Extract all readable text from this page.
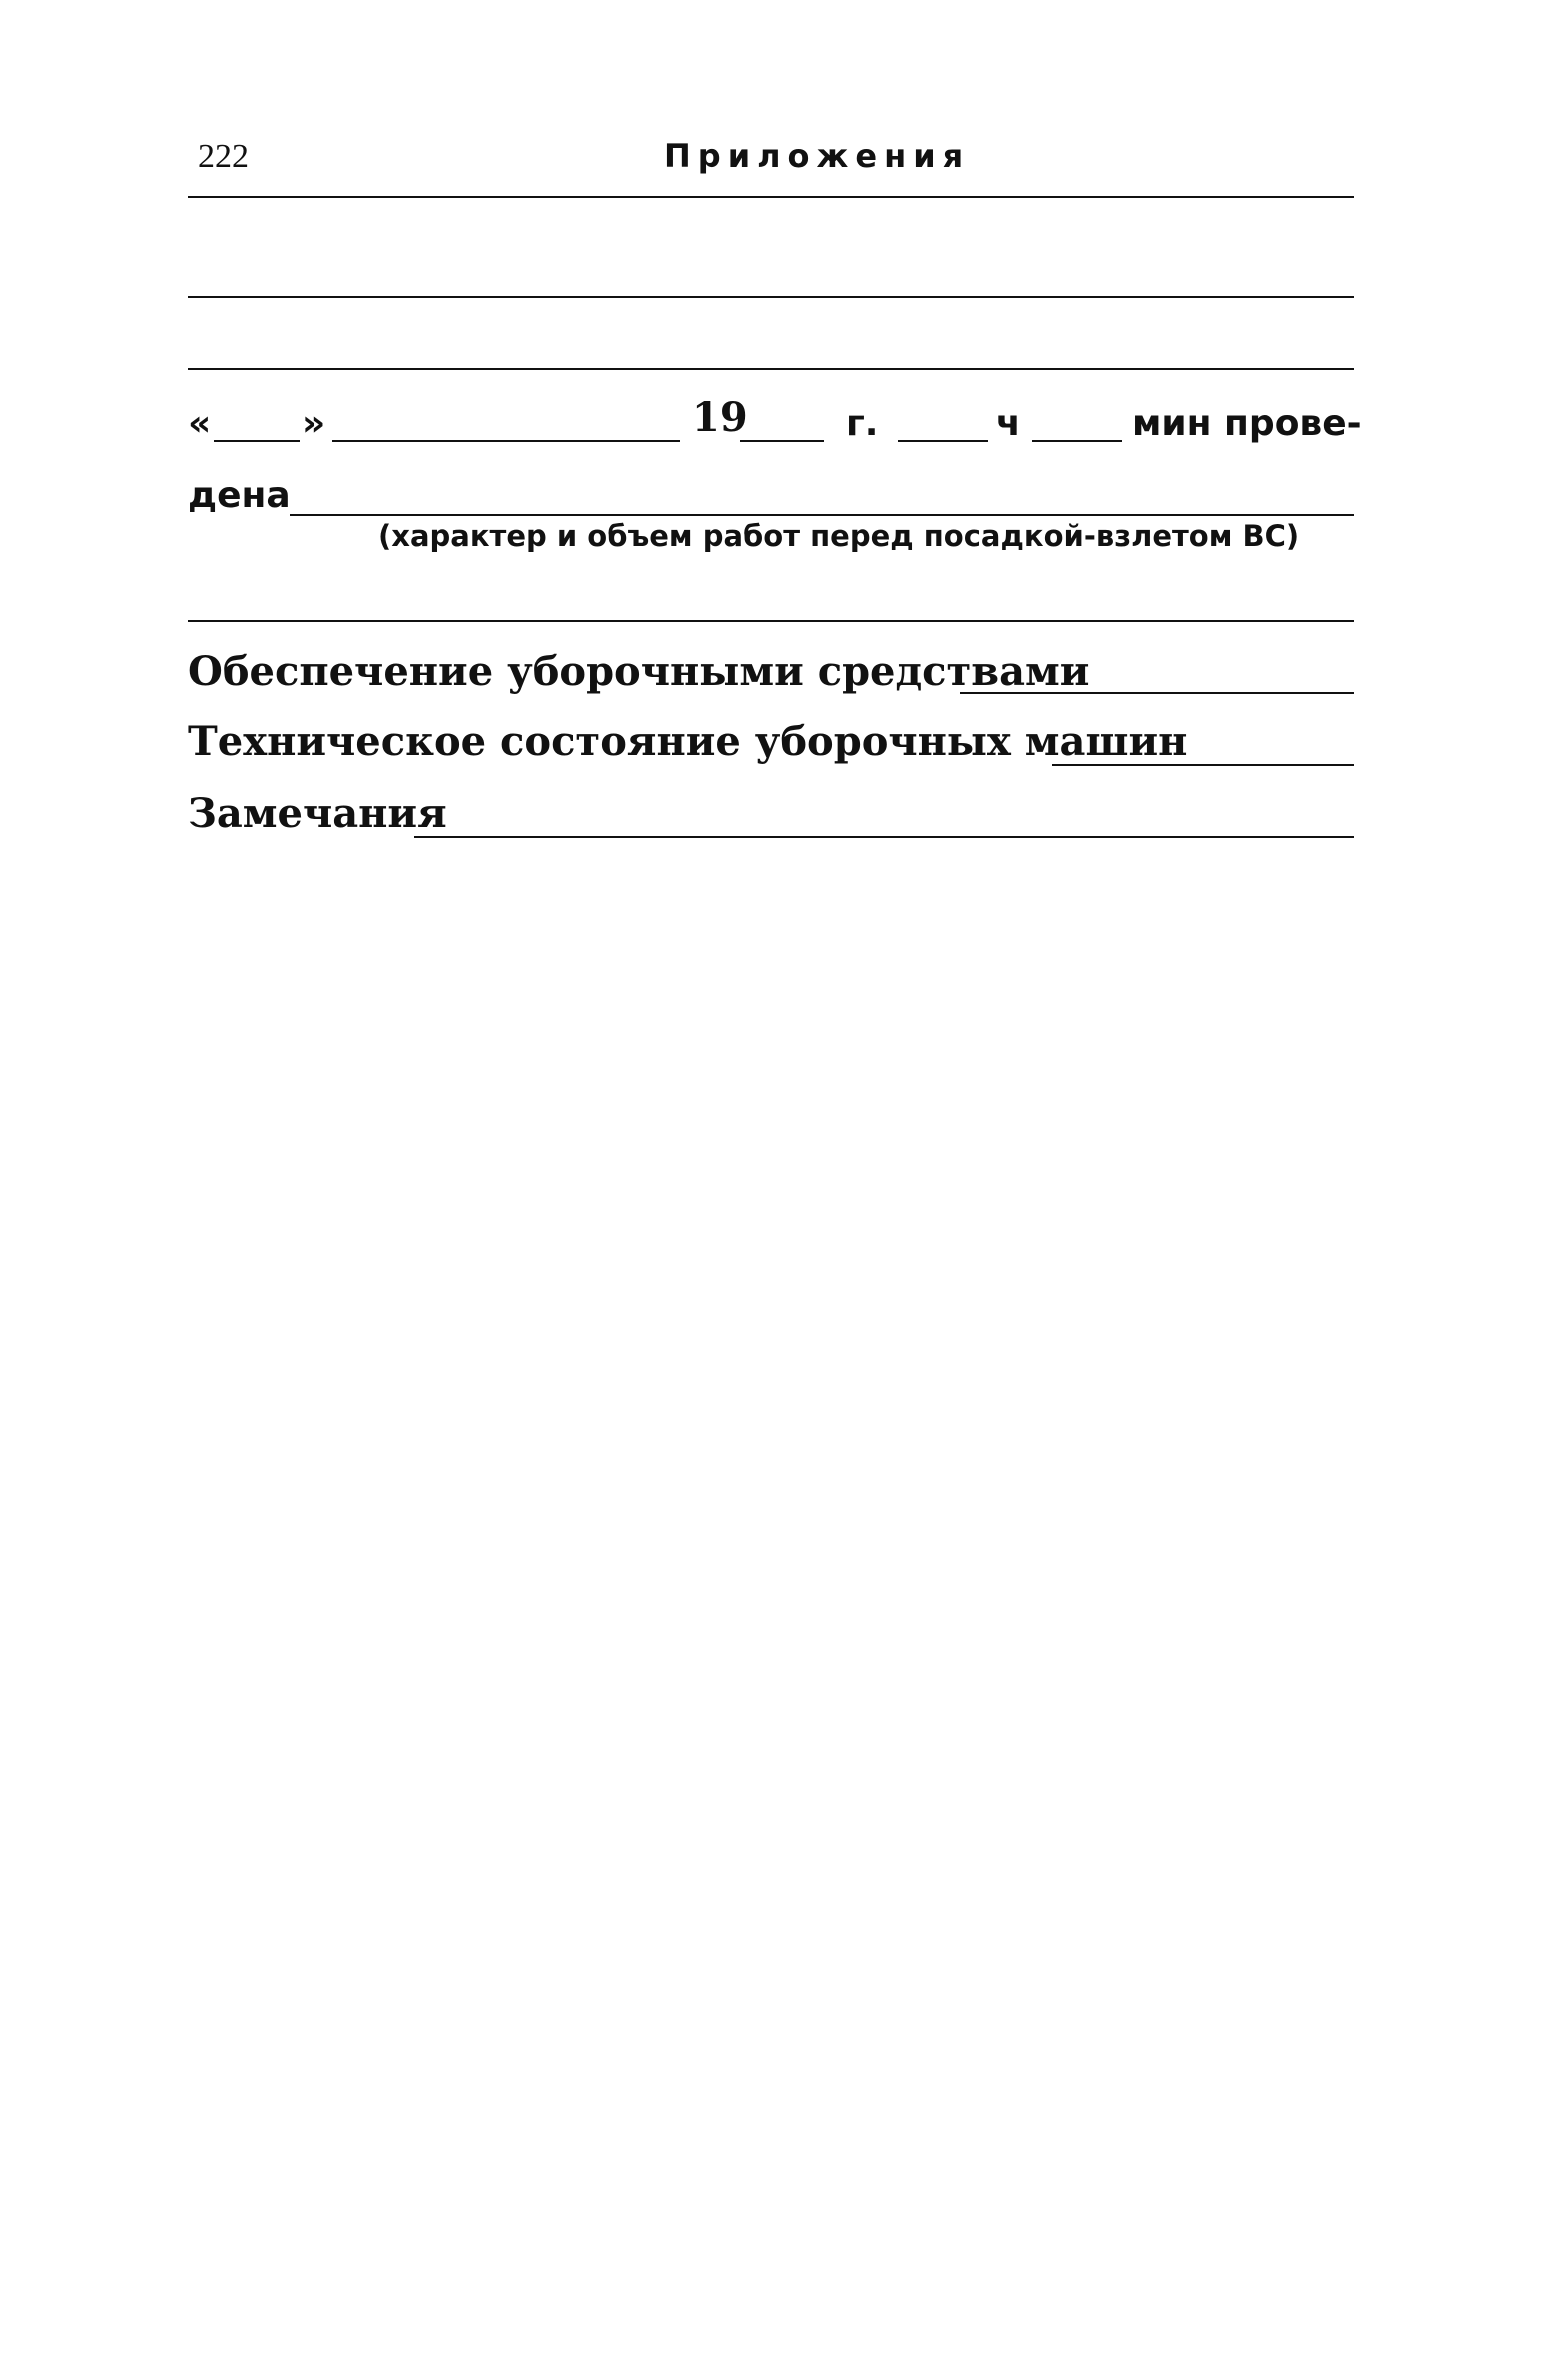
222	Приложения
«	»	19	г.	ч	мин прове-
дена
(характер и объем работ перед посадкой-взлетом ВС)
Обеспечение уборочными средствами
Техническое состояние уборочных машин
Замечания
